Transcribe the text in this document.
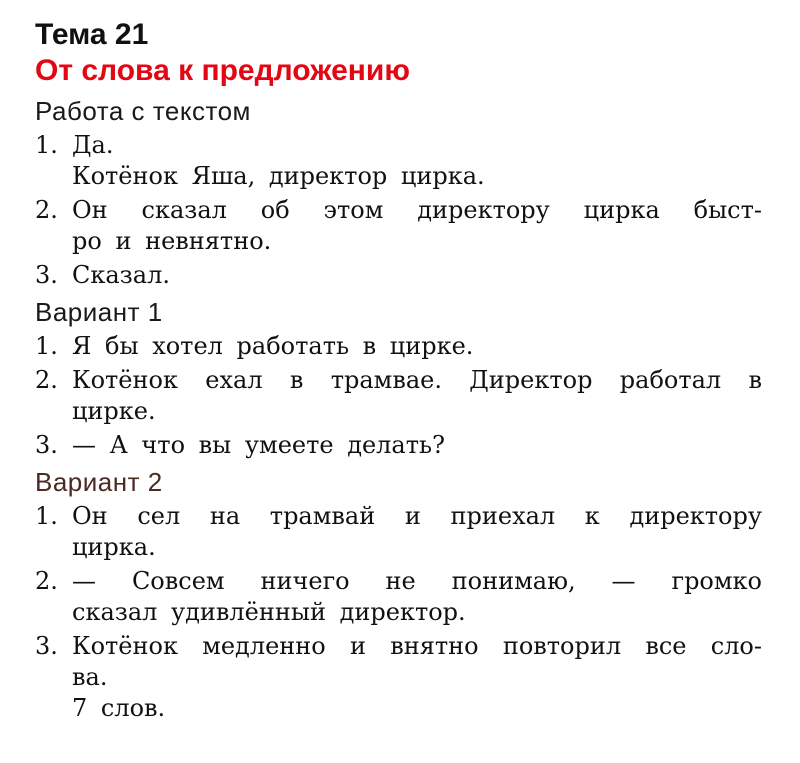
Тема 21
От слова к предложению
Работа с текстом
1. Да.
Котёнок Яша, директор цирка.
2. Он сказал об этом директору цирка быст-
ро и невнятно.
3. Сказал.
Вариант 1
1. Я бы хотел работать в цирке.
2. Котёнок ехал в трамвае. Директор работал в
цирке.
3. — А что вы умеете делать?
Вариант 2
1. Он сел на трамвай и приехал к директору
цирка.
2. — Совсем ничего не понимаю, — громко
сказал удивлённый директор.
3. Котёнок медленно и внятно повторил все сло-
ва.
7 слов.
